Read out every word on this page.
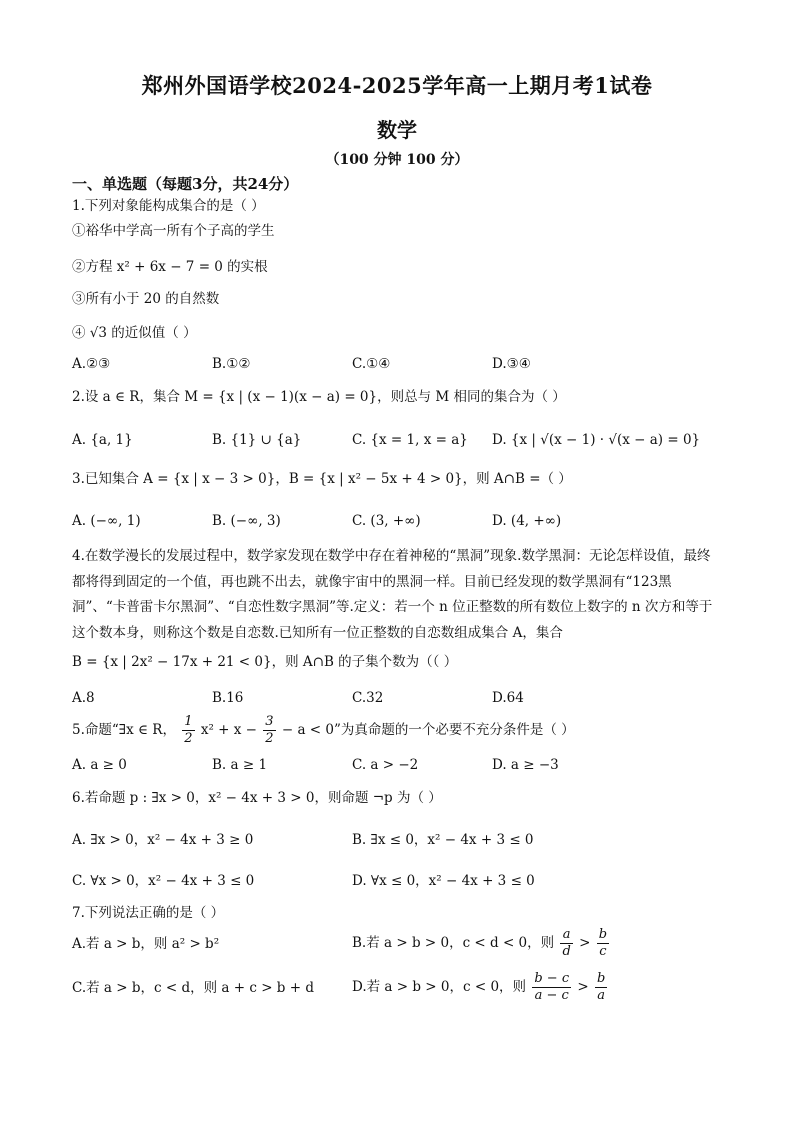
郑州外国语学校2024-2025学年高一上期月考1试卷
数学
（100 分钟 100 分）
一、单选题（每题3分，共24分）
1.下列对象能构成集合的是（ ）
①裕华中学高一所有个子高的学生
②方程 x² + 6x − 7 = 0 的实根
③所有小于 20 的自然数
④ √3 的近似值（ ）
A.②③	B.①②	C.①④	D.③④
2.设 a ∈ R，集合 M = {x | (x − 1)(x − a) = 0}，则总与 M 相同的集合为（ ）
A. {a, 1}	B. {1} ∪ {a}	C. {x = 1, x = a} D. {x | √(x − 1) · √(x − a) = 0}
3.已知集合 A = {x | x − 3 > 0}，B = {x | x² − 5x + 4 > 0}，则 A∩B =（ ）
A. (−∞, 1)	B. (−∞, 3)	C. (3, +∞)	D. (4, +∞)
4.在数学漫长的发展过程中，数学家发现在数学中存在着神秘的“黑洞”现象.数学黑洞：无论怎样设值，最终都将得到固定的一个值，再也跳不出去，就像宇宙中的黑洞一样。目前已经发现的数学黑洞有“123黑洞”、“卡普雷卡尔黑洞”、“自恋性数字黑洞”等.定义：若一个 n 位正整数的所有数位上数字的 n 次方和等于这个数本身，则称这个数是自恋数.已知所有一位正整数的自恋数组成集合 A，集合
B = {x | 2x² − 17x + 21 < 0}，则 A∩B 的子集个数为（（ ）
A.8	B.16	C.32	D.64
5.命题“∃x ∈ R， $\frac{1}{2} x^2 + x - \frac{3}{2} - a < 0$”为真命题的一个必要不充分条件是（ ）
A. a ≥ 0	B. a ≥ 1	C. a > −2	D. a ≥ −3
6.若命题 p : ∃x > 0，x² − 4x + 3 > 0，则命题 ¬p 为（ ）
A. ∃x > 0，x² − 4x + 3 ≥ 0	B. ∃x ≤ 0，x² − 4x + 3 ≤ 0
C. ∀x > 0，x² − 4x + 3 ≤ 0	D. ∀x ≤ 0，x² − 4x + 3 ≤ 0
7.下列说法正确的是（ ）
A.若 a > b，则 a² > b²	B.若 a > b > 0，c < d < 0，则 $\frac{a}{d} > \frac{b}{c}$
C.若 a > b，c < d，则 a + c > b + d	D.若 a > b > 0，c < 0，则 $\frac{b - c}{a - c} > \frac{b}{a}$
